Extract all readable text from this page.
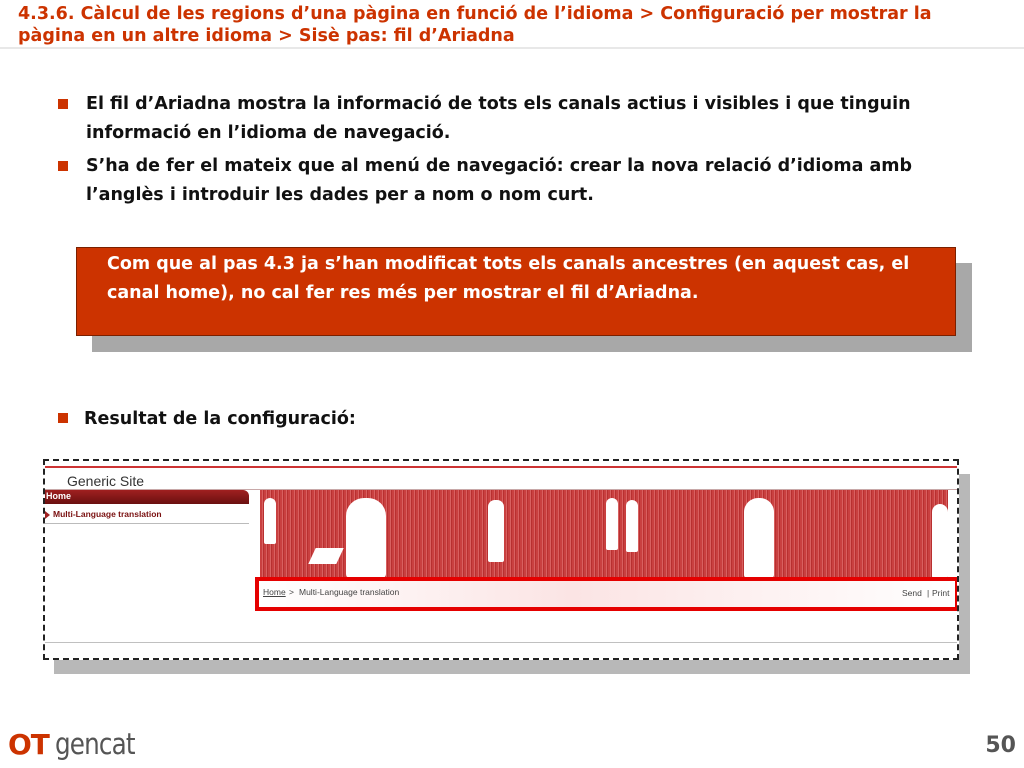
4.3.6. Càlcul de les regions d’una pàgina en funció de l’idioma > Configuració per mostrar la pàgina en un altre idioma > Sisè pas: fil d’Ariadna
El fil d’Ariadna mostra la informació de tots els canals actius i visibles i que tinguin informació en l’idioma de navegació.
S’ha de fer el mateix que al menú de navegació: crear la nova relació d’idioma amb l’anglès i introduir les dades per a nom o nom curt.
Com que al pas 4.3 ja s’han modificat tots els canals ancestres (en aquest cas, el canal home), no cal fer res més per mostrar el fil d’Ariadna.
Resultat de la configuració:
Generic Site
Home
Multi-Language translation
Home > Multi-Language translation	Send | Print
OT gencat	50
